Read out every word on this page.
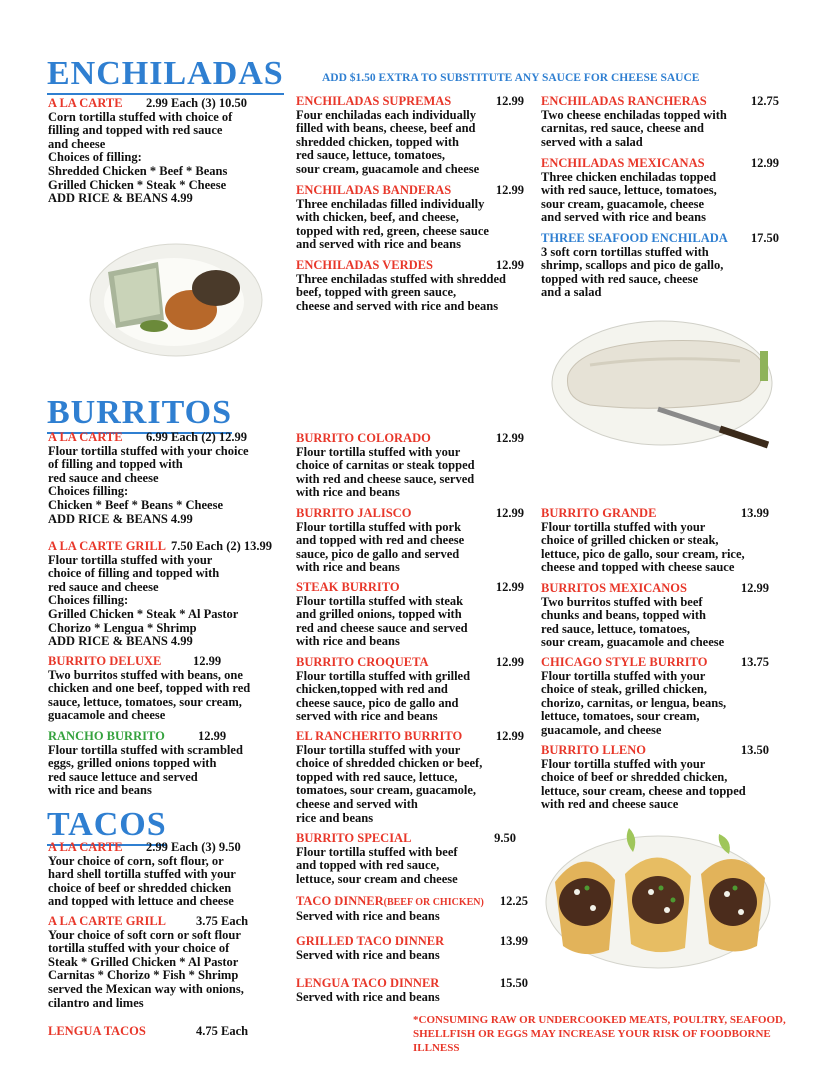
ENCHILADAS	ADD $1.50 EXTRA TO SUBSTITUTE ANY SAUCE FOR CHEESE SAUCE
A LA CARTE 2.99 Each (3) 10.50
Corn tortilla stuffed with choice of
filling and topped with red sauce
and cheese
Choices of filling:
Shredded Chicken * Beef * Beans
Grilled Chicken * Steak * Cheese
ADD RICE & BEANS 4.99
ENCHILADAS SUPREMAS	12.99
Four enchiladas each individually
filled with beans, cheese, beef and
shredded chicken, topped with
red sauce, lettuce, tomatoes,
sour cream, guacamole and cheese
ENCHILADAS BANDERAS	12.99
Three enchiladas filled individually
with chicken, beef, and cheese,
topped with red, green, cheese sauce
and served with rice and beans
ENCHILADAS VERDES	12.99
Three enchiladas stuffed with shredded
beef, topped with green sauce,
cheese and served with rice and beans
ENCHILADAS RANCHERAS	12.75
Two cheese enchiladas topped with
carnitas, red sauce, cheese and
served with a salad
ENCHILADAS MEXICANAS	12.99
Three chicken enchiladas topped
with red sauce, lettuce, tomatoes,
sour cream, guacamole, cheese
and served with rice and beans
THREE SEAFOOD ENCHILADA 17.50
3 soft corn tortillas stuffed with
shrimp, scallops and pico de gallo,
topped with red sauce, cheese
and a salad
BURRITOS
A LA CARTE 6.99 Each (2) 12.99
Flour tortilla stuffed with your choice
of filling and topped with
red sauce and cheese
Choices filling:
Chicken * Beef * Beans * Cheese
ADD RICE & BEANS 4.99
A LA CARTE GRILL 7.50 Each (2) 13.99
Flour tortilla stuffed with your
choice of filling and topped with
red sauce and cheese
Choices filling:
Grilled Chicken * Steak * Al Pastor
Chorizo * Lengua * Shrimp
ADD RICE & BEANS 4.99
BURRITO DELUXE	12.99
Two burritos stuffed with beans, one
chicken and one beef, topped with red
sauce, lettuce, tomatoes, sour cream,
guacamole and cheese
RANCHO BURRITO	12.99
Flour tortilla stuffed with scrambled
eggs, grilled onions topped with
red sauce lettuce and served
with rice and beans
BURRITO COLORADO	12.99
Flour tortilla stuffed with your
choice of carnitas or steak topped
with red and cheese sauce, served
with rice and beans
BURRITO JALISCO	12.99
Flour tortilla stuffed with pork
and topped with red and cheese
sauce, pico de gallo and served
with rice and beans
STEAK BURRITO	12.99
Flour tortilla stuffed with steak
and grilled onions, topped with
red and cheese sauce and served
with rice and beans
BURRITO CROQUETA	12.99
Flour tortilla stuffed with grilled
chicken,topped with red and
cheese sauce, pico de gallo and
served with rice and beans
EL RANCHERITO BURRITO	12.99
Flour tortilla stuffed with your
choice of shredded chicken or beef,
topped with red sauce, lettuce,
tomatoes, sour cream, guacamole,
cheese and served with
rice and beans
BURRITO SPECIAL	9.50
Flour tortilla stuffed with beef
and topped with red sauce,
lettuce, sour cream and cheese
BURRITO GRANDE	13.99
Flour tortilla stuffed with your
choice of grilled chicken or steak,
lettuce, pico de gallo, sour cream, rice,
cheese and topped with cheese sauce
BURRITOS MEXICANOS	12.99
Two burritos stuffed with beef
chunks and beans, topped with
red sauce, lettuce, tomatoes,
sour cream, guacamole and cheese
CHICAGO STYLE BURRITO	13.75
Flour tortilla stuffed with your
choice of steak, grilled chicken,
chorizo, carnitas, or lengua, beans,
lettuce, tomatoes, sour cream,
guacamole, and cheese
BURRITO LLENO	13.50
Flour tortilla stuffed with your
choice of beef or shredded chicken,
lettuce, sour cream, cheese and topped
with red and cheese sauce
TACOS
A LA CARTE 2.99 Each (3) 9.50
Your choice of corn, soft flour, or
hard shell tortilla stuffed with your
choice of beef or shredded chicken
and topped with lettuce and cheese
A LA CARTE GRILL 3.75 Each
Your choice of soft corn or soft flour
tortilla stuffed with your choice of
Steak * Grilled Chicken * Al Pastor
Carnitas * Chorizo * Fish * Shrimp
served the Mexican way with onions,
cilantro and limes
LENGUA TACOS	4.75 Each
TACO DINNER(BEEF OR CHICKEN) 12.25
Served with rice and beans
GRILLED TACO DINNER	13.99
Served with rice and beans
LENGUA TACO DINNER	15.50
Served with rice and beans
*CONSUMING RAW OR UNDERCOOKED MEATS, POULTRY, SEAFOOD,
SHELLFISH OR EGGS MAY INCREASE YOUR RISK OF FOODBORNE ILLNESS
